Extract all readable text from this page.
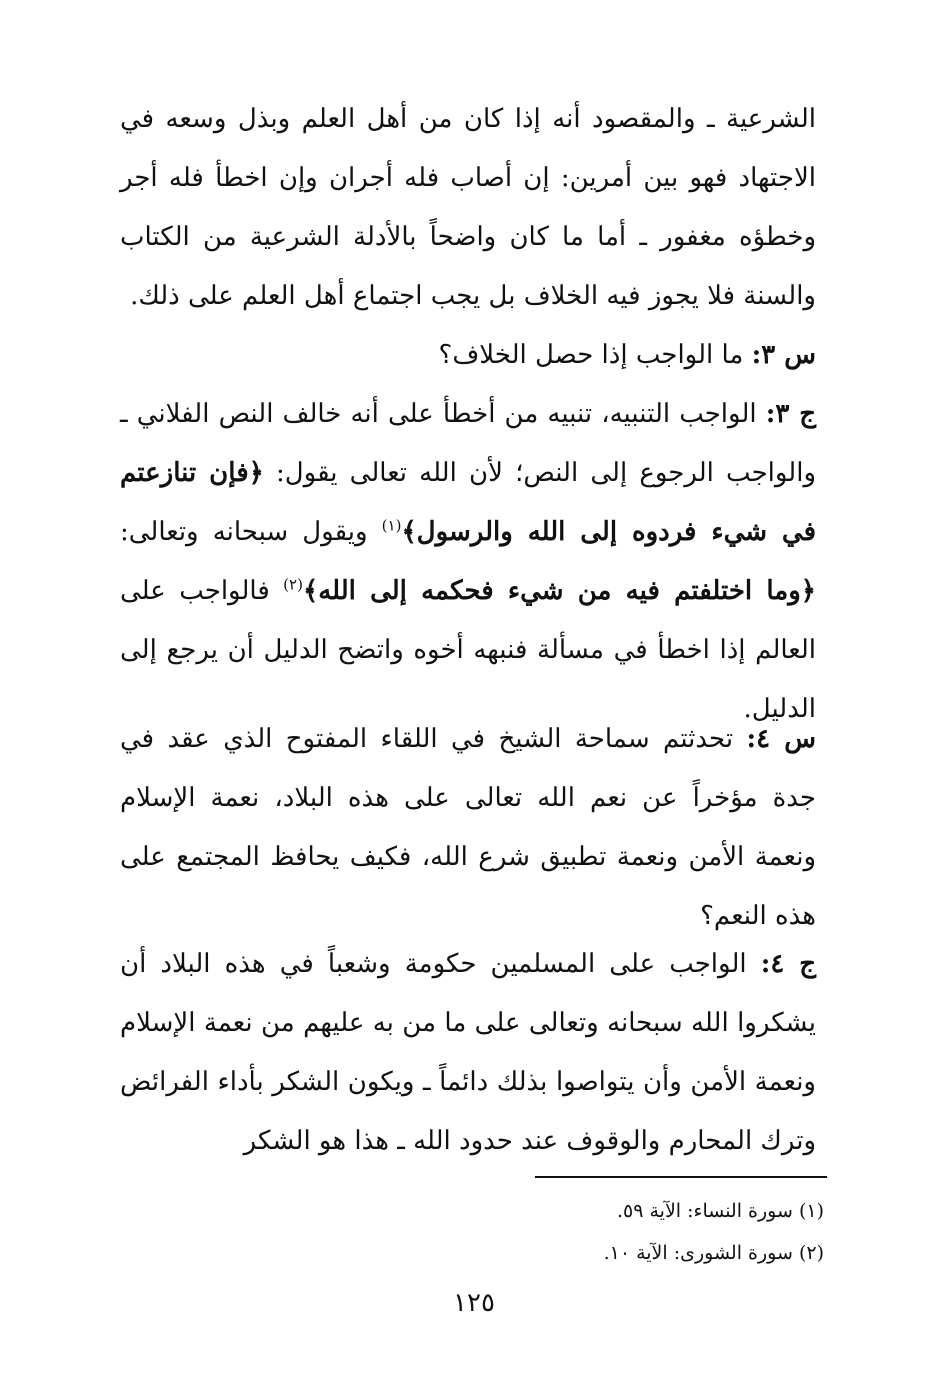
الشرعية ـ والمقصود أنه إذا كان من أهل العلم وبذل وسعه في الاجتهاد فهو بين أمرين: إن أصاب فله أجران وإن اخطأ فله أجر وخطؤه مغفور ـ أما ما كان واضحاً بالأدلة الشرعية من الكتاب والسنة فلا يجوز فيه الخلاف بل يجب اجتماع أهل العلم على ذلك.

س ٣: ما الواجب إذا حصل الخلاف؟

ج ٣: الواجب التنبيه، تنبيه من أخطأ على أنه خالف النص الفلاني ـ والواجب الرجوع إلى النص؛ لأن الله تعالى يقول: ﴿فإن تنازعتم في شيء فردوه إلى الله والرسول﴾$^{(١)}$ ويقول سبحانه وتعالى: ﴿وما اختلفتم فيه من شيء فحكمه إلى الله﴾$^{(٢)}$ فالواجب على العالم إذا اخطأ في مسألة فنبهه أخوه واتضح الدليل أن يرجع إلى الدليل.

س ٤: تحدثتم سماحة الشيخ في اللقاء المفتوح الذي عقد في جدة مؤخراً عن نعم الله تعالى على هذه البلاد، نعمة الإسلام ونعمة الأمن ونعمة تطبيق شرع الله، فكيف يحافظ المجتمع على هذه النعم؟

ج ٤: الواجب على المسلمين حكومة وشعباً في هذه البلاد أن يشكروا الله سبحانه وتعالى على ما من به عليهم من نعمة الإسلام ونعمة الأمن وأن يتواصوا بذلك دائماً ـ ويكون الشكر بأداء الفرائض وترك المحارم والوقوف عند حدود الله ـ هذا هو الشكر

(١) سورة النساء: الآية ٥٩.

(٢) سورة الشورى: الآية ١٠.

١٢٥
